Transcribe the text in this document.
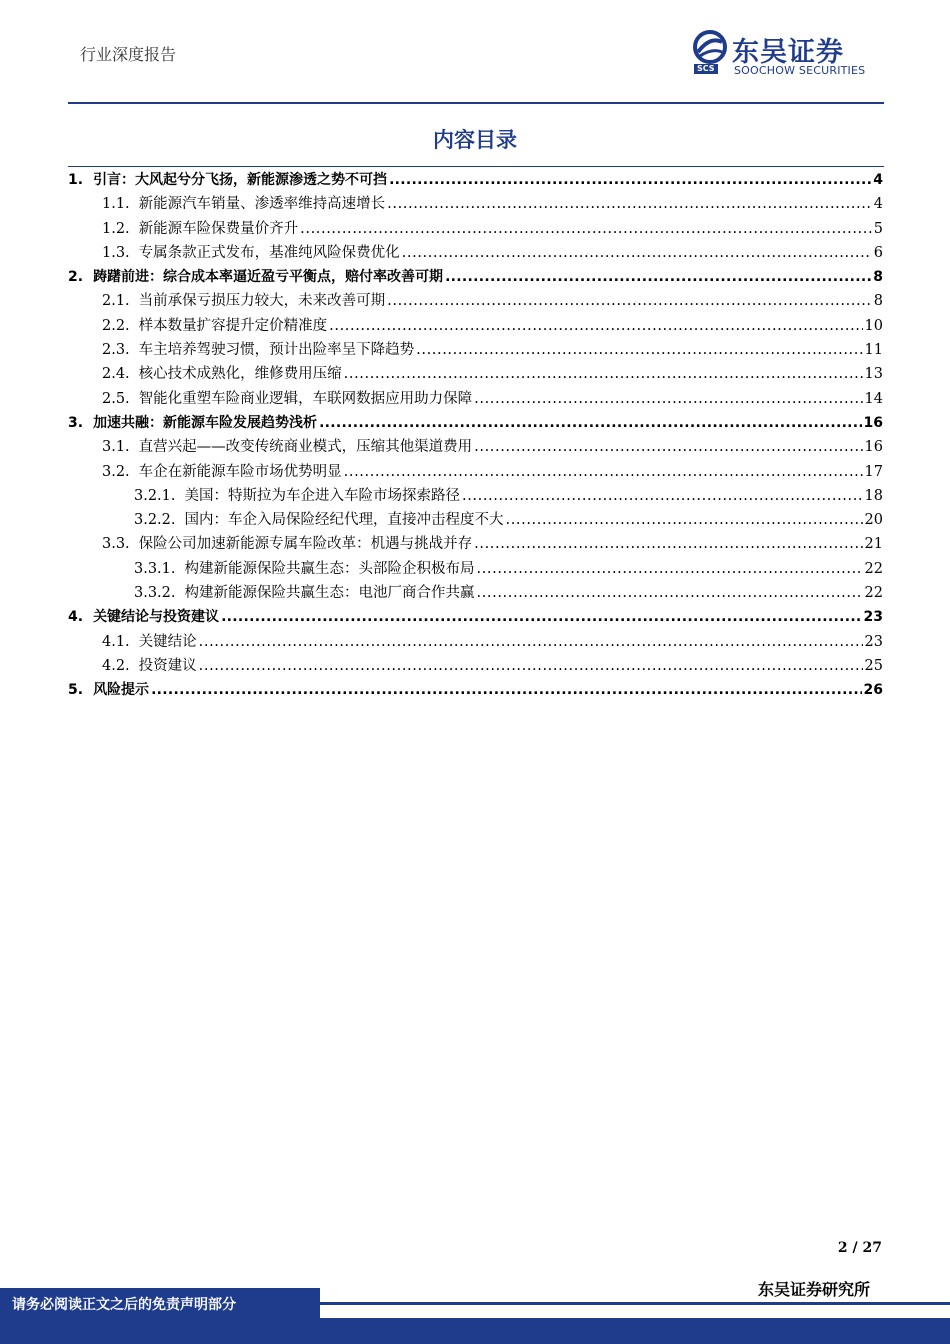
行业深度报告
SCS
东吴证券
SOOCHOW SECURITIES
内容目录
1. 引言：大风起兮分飞扬，新能源渗透之势不可挡 .....	4
1.1. 新能源汽车销量、渗透率维持高速增长 .....	4
1.2. 新能源车险保费量价齐升 .....	5
1.3. 专属条款正式发布，基准纯风险保费优化 .....	6
2. 踌躇前进：综合成本率逼近盈亏平衡点，赔付率改善可期 .....	8
2.1. 当前承保亏损压力较大，未来改善可期 .....	8
2.2. 样本数量扩容提升定价精准度 .....	10
2.3. 车主培养驾驶习惯，预计出险率呈下降趋势 .....	11
2.4. 核心技术成熟化，维修费用压缩 .....	13
2.5. 智能化重塑车险商业逻辑，车联网数据应用助力保障 .....	14
3. 加速共融：新能源车险发展趋势浅析 .....	16
3.1. 直营兴起——改变传统商业模式，压缩其他渠道费用 .....	16
3.2. 车企在新能源车险市场优势明显 .....	17
3.2.1. 美国：特斯拉为车企进入车险市场探索路径 .....	18
3.2.2. 国内：车企入局保险经纪代理，直接冲击程度不大 .....	20
3.3. 保险公司加速新能源专属车险改革：机遇与挑战并存 .....	21
3.3.1. 构建新能源保险共赢生态：头部险企积极布局 .....	22
3.3.2. 构建新能源保险共赢生态：电池厂商合作共赢 .....	22
4. 关键结论与投资建议 .....	23
4.1. 关键结论 .....	23
4.2. 投资建议 .....	25
5. 风险提示 .....	26
2 / 27
东吴证券研究所
请务必阅读正文之后的免责声明部分
